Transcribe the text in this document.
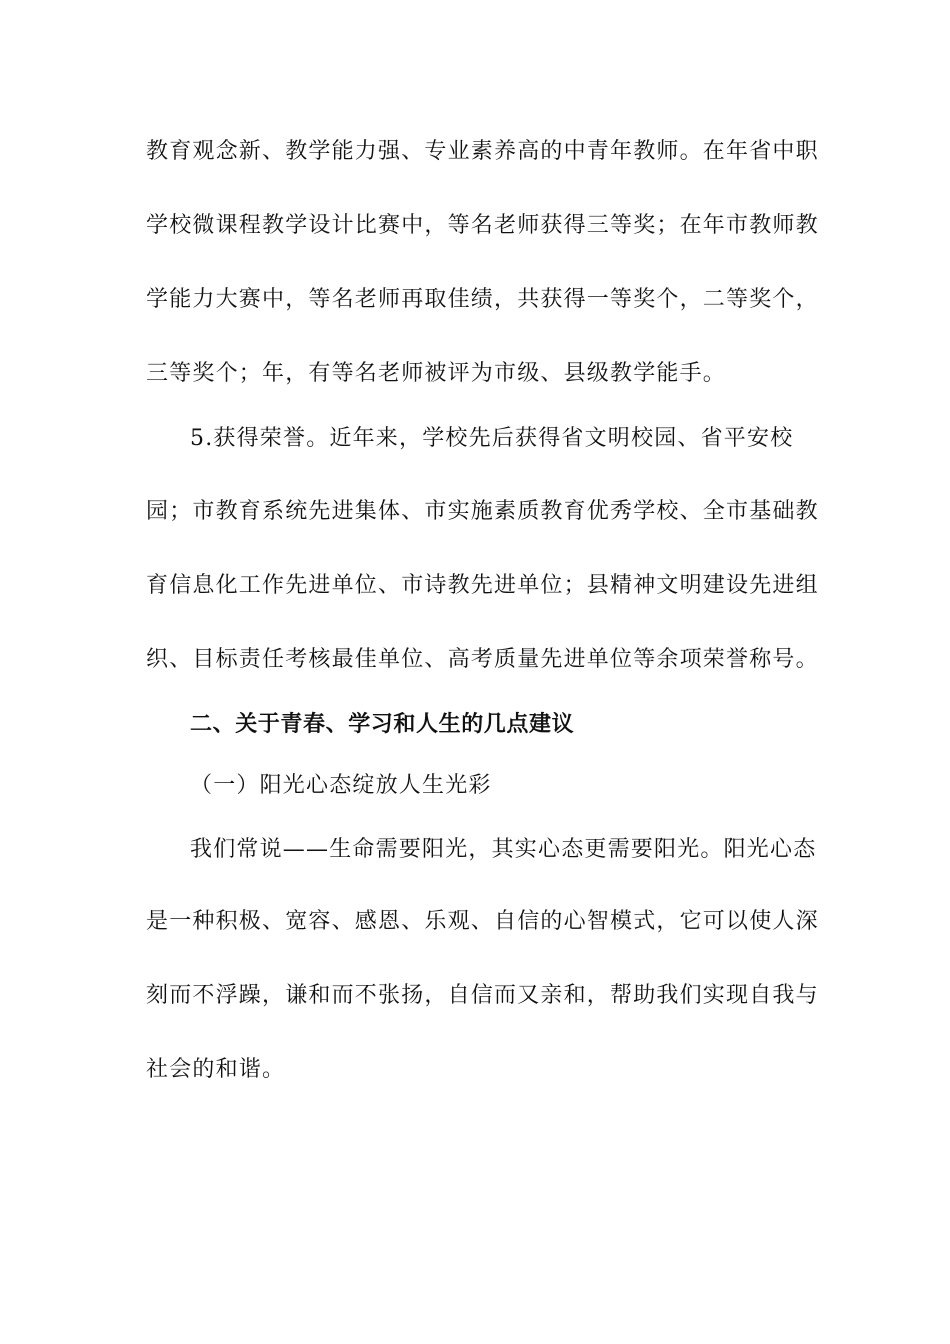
教育观念新、教学能力强、专业素养高的中青年教师。在年省中职
学校微课程教学设计比赛中，等名老师获得三等奖；在年市教师教
学能力大赛中，等名老师再取佳绩，共获得一等奖个，二等奖个，
三等奖个；年，有等名老师被评为市级、县级教学能手。
5.获得荣誉。近年来，学校先后获得省文明校园、省平安校
园；市教育系统先进集体、市实施素质教育优秀学校、全市基础教
育信息化工作先进单位、市诗教先进单位；县精神文明建设先进组
织、目标责任考核最佳单位、高考质量先进单位等余项荣誉称号。
二、关于青春、学习和人生的几点建议
（一）阳光心态绽放人生光彩
我们常说——生命需要阳光，其实心态更需要阳光。阳光心态
是一种积极、宽容、感恩、乐观、自信的心智模式，它可以使人深
刻而不浮躁，谦和而不张扬，自信而又亲和，帮助我们实现自我与
社会的和谐。
